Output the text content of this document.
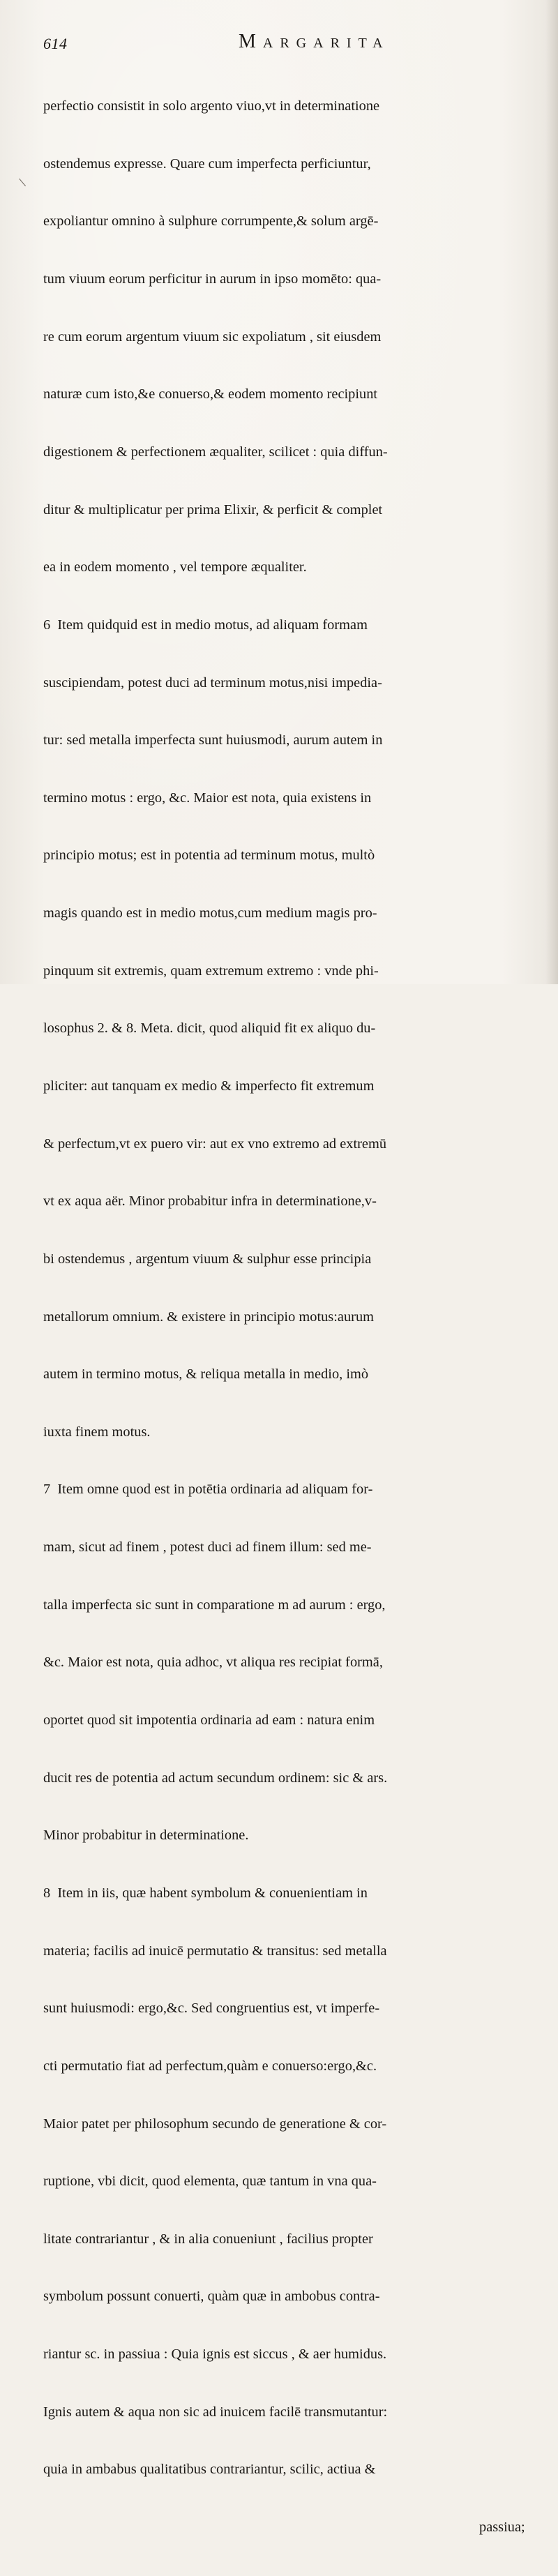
614	Margarita

perfectio consistit in solo argento viuo,vt in determinatione

ostendemus expresse. Quare cum imperfecta perficiuntur,

expoliantur omnino à sulphure corrumpente,& solum argē-

tum viuum eorum perficitur in aurum in ipso momēto: qua-

re cum eorum argentum viuum sic expoliatum , sit eiusdem

naturæ cum isto,&e conuerso,& eodem momento recipiunt

digestionem & perfectionem æqualiter, scilicet : quia diffun-

ditur & multiplicatur per prima Elixir, & perficit & complet

ea in eodem momento , vel tempore æqualiter.

6  Item quidquid est in medio motus, ad aliquam formam

suscipiendam, potest duci ad terminum motus,nisi impedia-

tur: sed metalla imperfecta sunt huiusmodi, aurum autem in

termino motus : ergo, &c. Maior est nota, quia existens in

principio motus; est in potentia ad terminum motus, multò

magis quando est in medio motus,cum medium magis pro-

pinquum sit extremis, quam extremum extremo : vnde phi-

losophus 2. & 8. Meta. dicit, quod aliquid fit ex aliquo du-

pliciter: aut tanquam ex medio & imperfecto fit extremum

& perfectum,vt ex puero vir: aut ex vno extremo ad extremū

vt ex aqua aër. Minor probabitur infra in determinatione,v-

bi ostendemus , argentum viuum & sulphur esse principia

metallorum omnium. & existere in principio motus:aurum

autem in termino motus, & reliqua metalla in medio, imò

iuxta finem motus.

7  Item omne quod est in potētia ordinaria ad aliquam for-

mam, sicut ad finem , potest duci ad finem illum: sed me-

talla imperfecta sic sunt in comparatione m ad aurum : ergo,

&c. Maior est nota, quia adhoc, vt aliqua res recipiat formā,

oportet quod sit impotentia ordinaria ad eam : natura enim

ducit res de potentia ad actum secundum ordinem: sic & ars.

Minor probabitur in determinatione.

8  Item in iis, quæ habent symbolum & conuenientiam in

materia; facilis ad inuicē permutatio & transitus: sed metalla

sunt huiusmodi: ergo,&c. Sed congruentius est, vt imperfe-

cti permutatio fiat ad perfectum,quàm e conuerso:ergo,&c.

Maior patet per philosophum secundo de generatione & cor-

ruptione, vbi dicit, quod elementa, quæ tantum in vna qua-

litate contrariantur , & in alia conueniunt , facilius propter

symbolum possunt conuerti, quàm quæ in ambobus contra-

riantur sc. in passiua : Quia ignis est siccus , & aer humidus.

Ignis autem & aqua non sic ad inuicem facilē transmutantur:

quia in ambabus qualitatibus contrariantur, scilic, actiua &

passiua;
